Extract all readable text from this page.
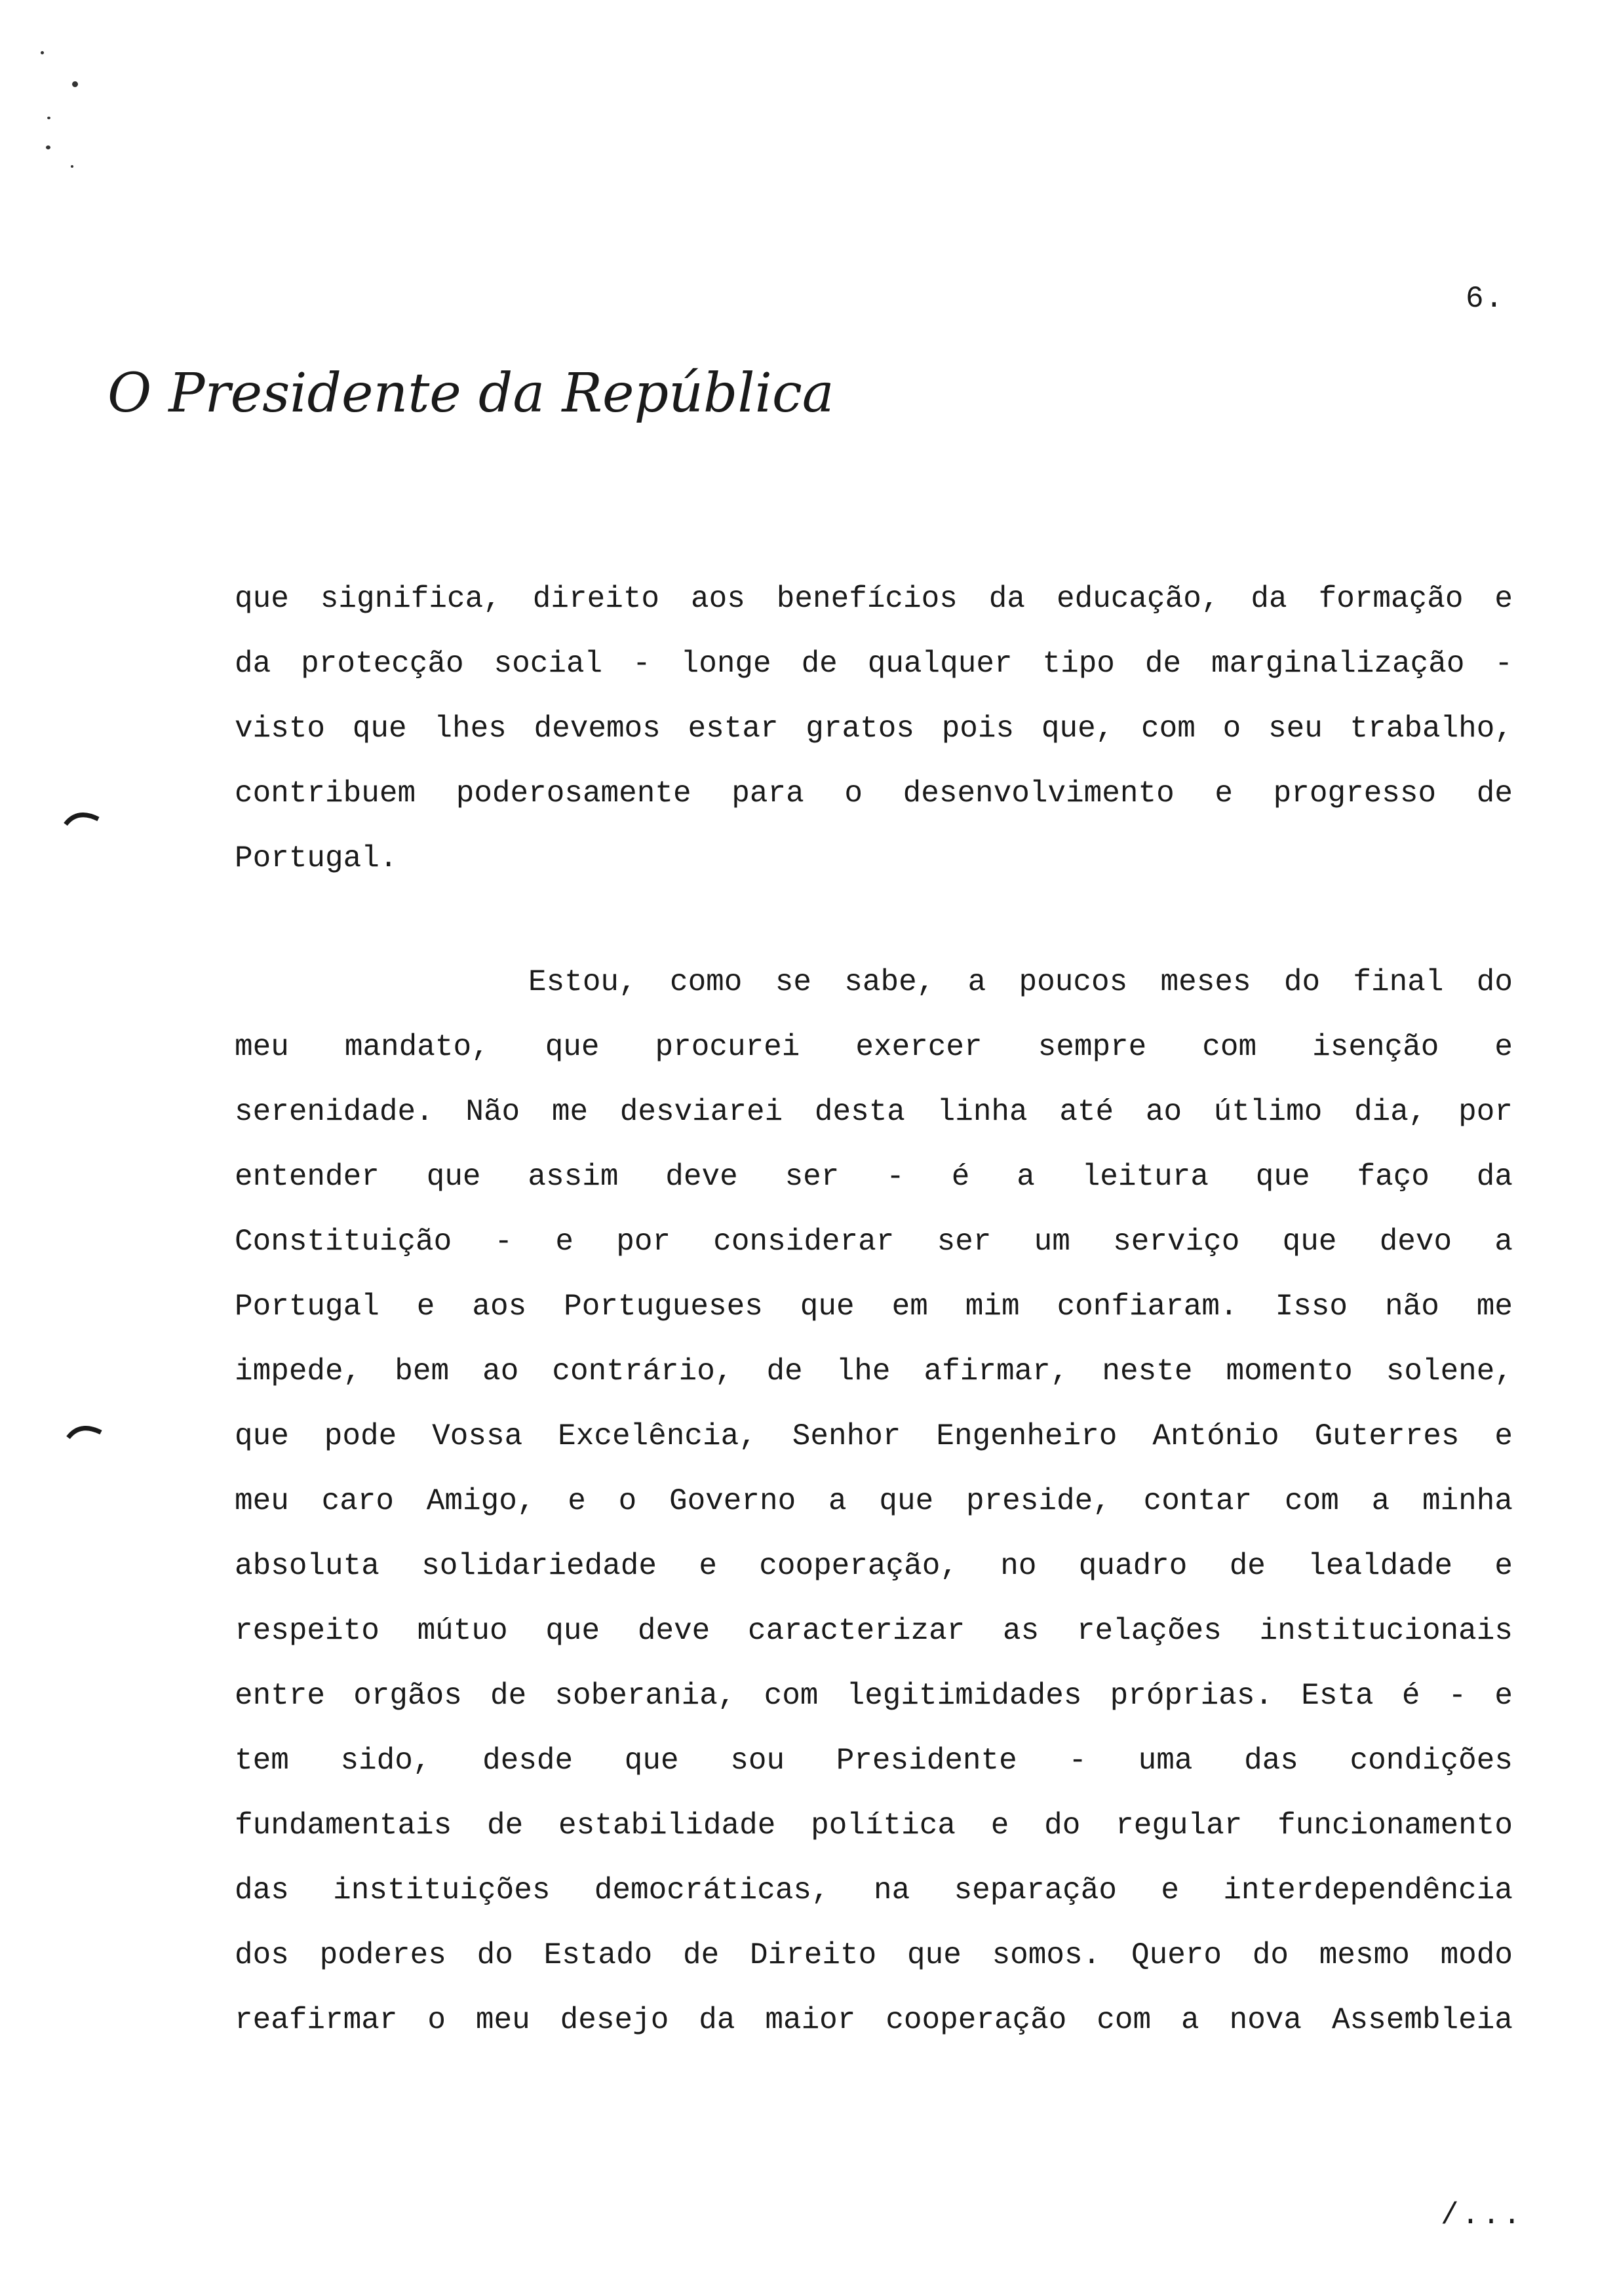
6.
O Presidente da República
que significa, direito aos benefícios da educação, da formação e
da protecção social - longe de qualquer tipo de marginalização -
visto que lhes devemos estar gratos pois que, com o seu trabalho,
contribuem poderosamente para o desenvolvimento e progresso de
Portugal.
Estou, como se sabe, a poucos meses do final do
meu mandato, que procurei exercer sempre com isenção e
serenidade. Não me desviarei desta linha até ao útlimo dia, por
entender que assim deve ser - é a leitura que faço da
Constituição - e por considerar ser um serviço que devo a
Portugal e aos Portugueses que em mim confiaram. Isso não me
impede, bem ao contrário, de lhe afirmar, neste momento solene,
que pode Vossa Excelência, Senhor Engenheiro António Guterres e
meu caro Amigo, e o Governo a que preside, contar com a minha
absoluta solidariedade e cooperação, no quadro de lealdade e
respeito mútuo que deve caracterizar as relações institucionais
entre orgãos de soberania, com legitimidades próprias. Esta é - e
tem sido, desde que sou Presidente - uma das condições
fundamentais de estabilidade política e do regular funcionamento
das instituições democráticas, na separação e interdependência
dos poderes do Estado de Direito que somos. Quero do mesmo modo
reafirmar o meu desejo da maior cooperação com a nova Assembleia
/...
